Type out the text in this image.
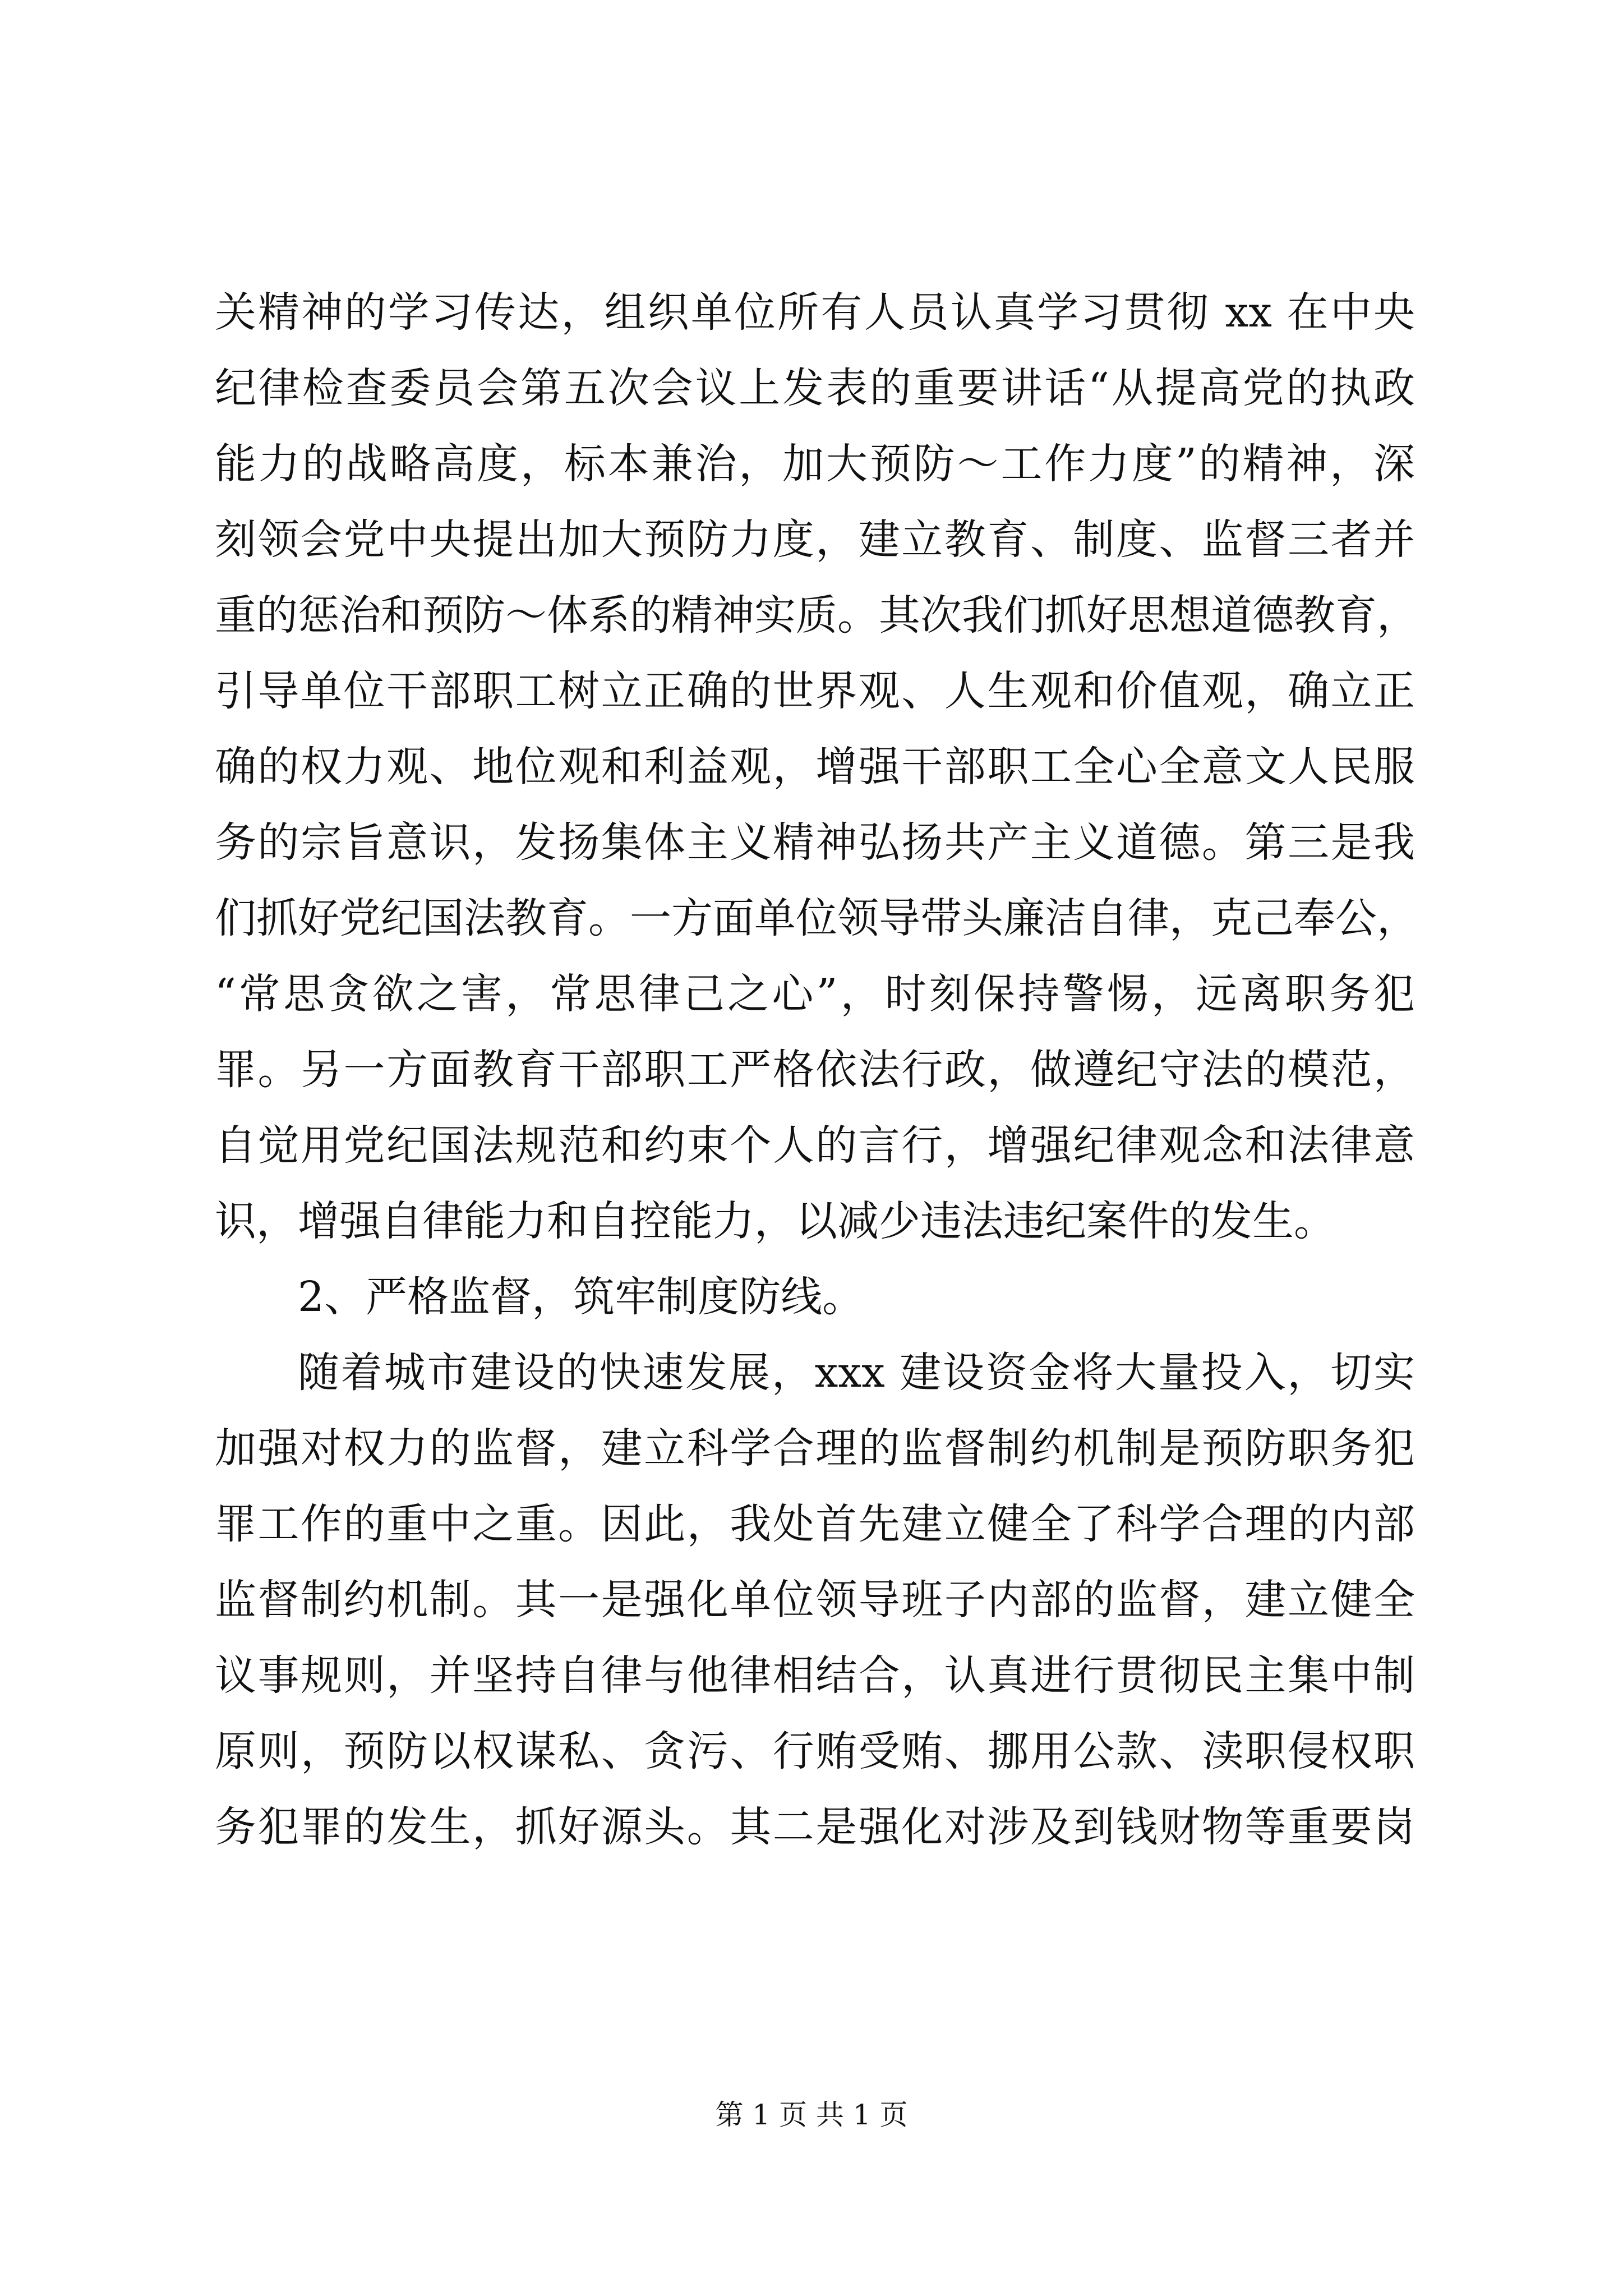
关精神的学习传达，组织单位所有人员认真学习贯彻 xx 在中央
纪律检查委员会第五次会议上发表的重要讲话“从提高党的执政
能力的战略高度，标本兼治，加大预防～工作力度”的精神，深
刻领会党中央提出加大预防力度，建立教育、制度、监督三者并
重的惩治和预防～体系的精神实质。其次我们抓好思想道德教育，
引导单位干部职工树立正确的世界观、人生观和价值观，确立正
确的权力观、地位观和利益观，增强干部职工全心全意文人民服
务的宗旨意识，发扬集体主义精神弘扬共产主义道德。第三是我
们抓好党纪国法教育。一方面单位领导带头廉洁自律，克己奉公，
“常思贪欲之害，常思律己之心”，时刻保持警惕，远离职务犯
罪。另一方面教育干部职工严格依法行政，做遵纪守法的模范，
自觉用党纪国法规范和约束个人的言行，增强纪律观念和法律意
识，增强自律能力和自控能力，以减少违法违纪案件的发生。
2、严格监督，筑牢制度防线。
随着城市建设的快速发展，xxx 建设资金将大量投入，切实
加强对权力的监督，建立科学合理的监督制约机制是预防职务犯
罪工作的重中之重。因此，我处首先建立健全了科学合理的内部
监督制约机制。其一是强化单位领导班子内部的监督，建立健全
议事规则，并坚持自律与他律相结合，认真进行贯彻民主集中制
原则，预防以权谋私、贪污、行贿受贿、挪用公款、渎职侵权职
务犯罪的发生，抓好源头。其二是强化对涉及到钱财物等重要岗
第 1 页 共 1 页
